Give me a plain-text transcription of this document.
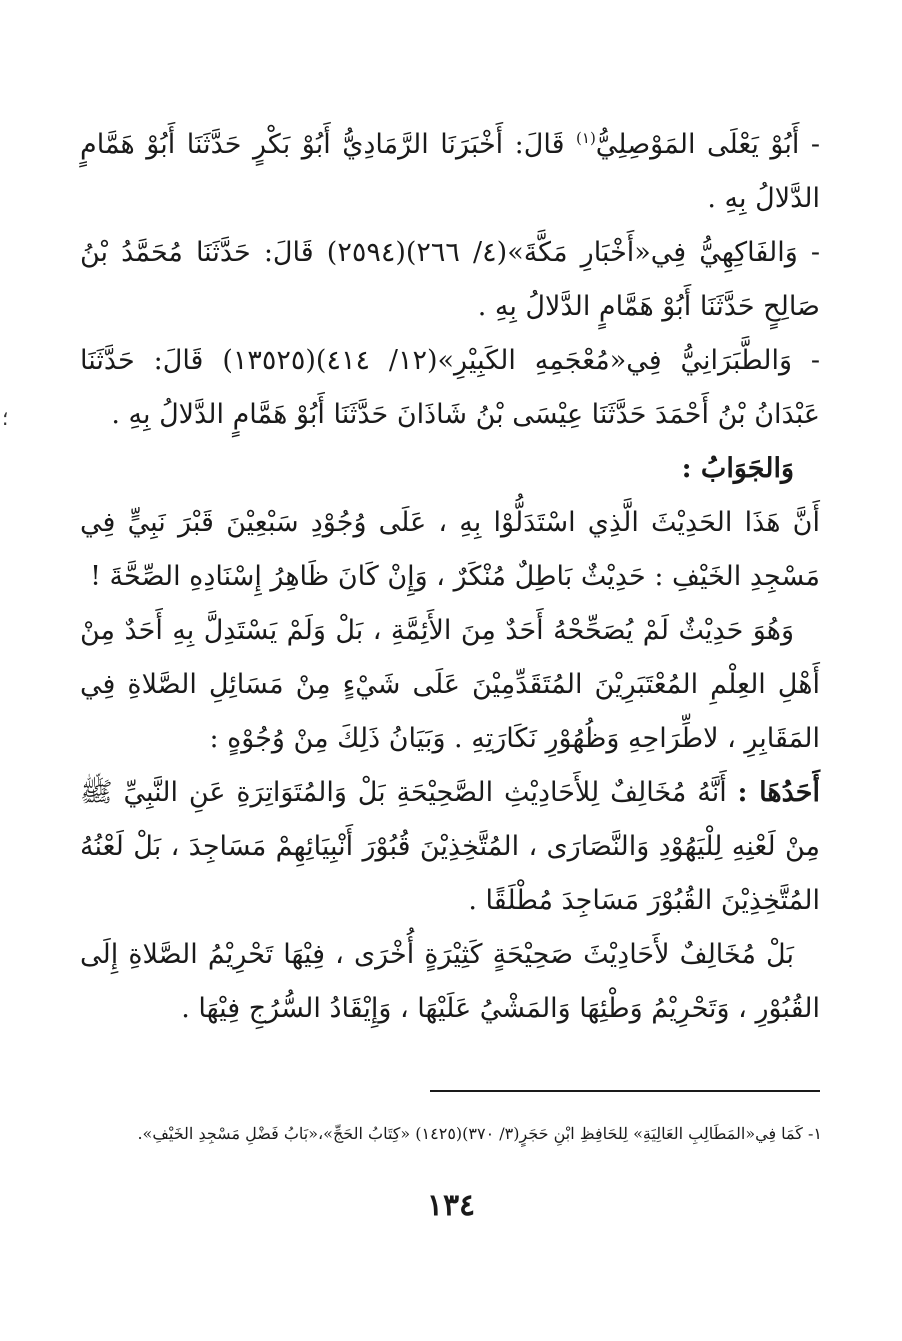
؛

- أَبُوْ يَعْلَى المَوْصِلِيُّ$^{(١)}$ قَالَ: أَخْبَرَنَا الرَّمَادِيُّ أَبُوْ بَكْرٍ حَدَّثَنَا أَبُوْ هَمَّامٍ الدَّلالُ بِهِ .

- وَالفَاكِهِيُّ فِي«أَخْبَارِ مَكَّةَ»(٤/ ٢٦٦)(٢٥٩٤) قَالَ: حَدَّثَنَا مُحَمَّدُ بْنُ صَالِحٍ حَدَّثَنَا أَبُوْ هَمَّامٍ الدَّلالُ بِهِ .

- وَالطَّبَرَانِيُّ فِي«مُعْجَمِهِ الكَبِيْرِ»(١٢/ ٤١٤)(١٣٥٢٥) قَالَ: حَدَّثَنَا عَبْدَانُ بْنُ أَحْمَدَ حَدَّثَنَا عِيْسَى بْنُ شَاذَانَ حَدَّثَنَا أَبُوْ هَمَّامٍ الدَّلالُ بِهِ .

وَالجَوَابُ :

أَنَّ هَذَا الحَدِيْثَ الَّذِي اسْتَدَلُّوْا بِهِ ، عَلَى وُجُوْدِ سَبْعِيْنَ قَبْرَ نَبِيٍّ فِي مَسْجِدِ الخَيْفِ : حَدِيْثٌ بَاطِلٌ مُنْكَرٌ ، وَإِنْ كَانَ ظَاهِرُ إِسْنَادِهِ الصِّحَّةَ !

وَهُوَ حَدِيْثٌ لَمْ يُصَحِّحْهُ أَحَدٌ مِنَ الأَئِمَّةِ ، بَلْ وَلَمْ يَسْتَدِلَّ بِهِ أَحَدٌ مِنْ أَهْلِ العِلْمِ المُعْتَبَرِيْنَ المُتَقَدِّمِيْنَ عَلَى شَيْءٍ مِنْ مَسَائِلِ الصَّلاةِ فِي المَقَابِرِ ، لاطِّرَاحِهِ وَظُهُوْرِ نَكَارَتِهِ . وَبَيَانُ ذَلِكَ مِنْ وُجُوْهٍ :

أَحَدُهَا : أَنَّهُ مُخَالِفٌ لِلأَحَادِيْثِ الصَّحِيْحَةِ بَلْ وَالمُتَوَاتِرَةِ عَنِ النَّبِيِّ ﷺ مِنْ لَعْنِهِ لِلْيَهُوْدِ وَالنَّصَارَى ، المُتَّخِذِيْنَ قُبُوْرَ أَنْبِيَائِهِمْ مَسَاجِدَ ، بَلْ لَعْنُهُ المُتَّخِذِيْنَ القُبُوْرَ مَسَاجِدَ مُطْلَقًا .

بَلْ مُخَالِفٌ لأَحَادِيْثَ صَحِيْحَةٍ كَثِيْرَةٍ أُخْرَى ، فِيْهَا تَحْرِيْمُ الصَّلاةِ إِلَى القُبُوْرِ ، وَتَحْرِيْمُ وَطْئِهَا وَالمَشْيُ عَلَيْهَا ، وَإِيْقَادُ السُّرُجِ فِيْهَا .

١- كَمَا فِي«المَطَالِبِ العَالِيَةِ» لِلحَافِظِ ابْنِ حَجَرٍ(٣/ ٣٧٠)(١٤٢٥) «كِتَابُ الحَجِّ»،«بَابُ فَضْلِ مَسْجِدِ الخَيْفِ».
١٣٤
